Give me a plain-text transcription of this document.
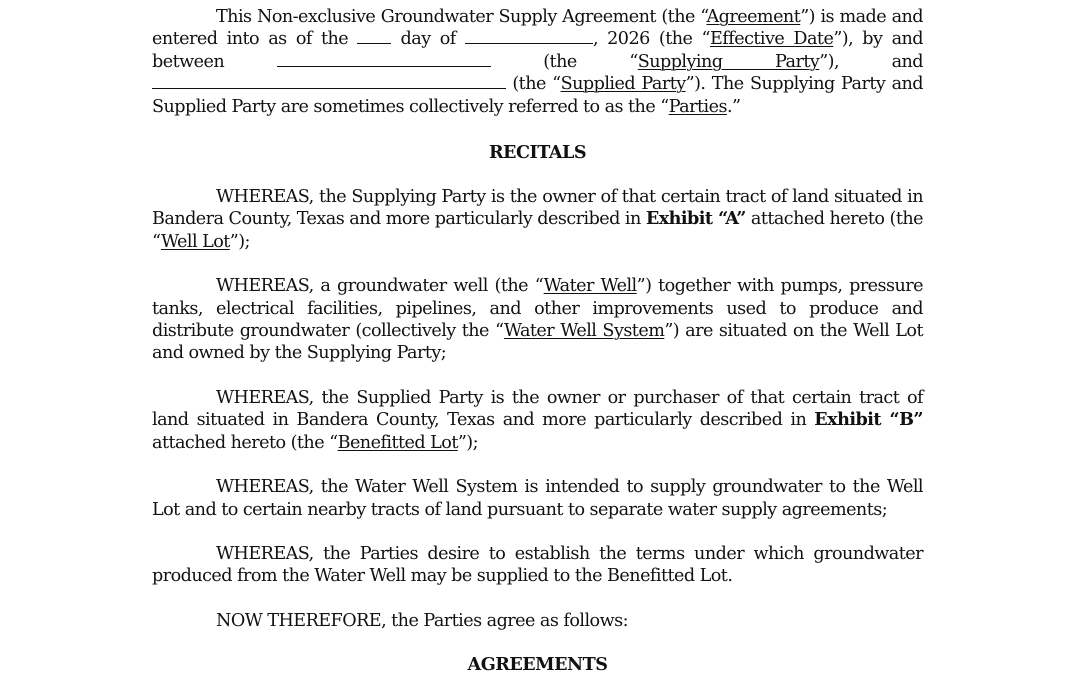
This Non-exclusive Groundwater Supply Agreement (the “Agreement”) is made and entered into as of the  day of	, 2026 (the “Effective Date”), by and between	(the “Supplying Party”), and  (the “Supplied Party”). The Supplying Party and Supplied Party are sometimes collectively referred to as the “Parties.”

RECITALS

WHEREAS, the Supplying Party is the owner of that certain tract of land situated in Bandera County, Texas and more particularly described in Exhibit “A” attached hereto (the “Well Lot”);

WHEREAS, a groundwater well (the “Water Well”) together with pumps, pressure tanks, electrical facilities, pipelines, and other improvements used to produce and distribute groundwater (collectively the “Water Well System”) are situated on the Well Lot and owned by the Supplying Party;

WHEREAS, the Supplied Party is the owner or purchaser of that certain tract of land situated in Bandera County, Texas and more particularly described in Exhibit “B” attached hereto (the “Benefitted Lot”);

WHEREAS, the Water Well System is intended to supply groundwater to the Well Lot and to certain nearby tracts of land pursuant to separate water supply agreements;

WHEREAS, the Parties desire to establish the terms under which groundwater produced from the Water Well may be supplied to the Benefitted Lot.

NOW THEREFORE, the Parties agree as follows:

AGREEMENTS
